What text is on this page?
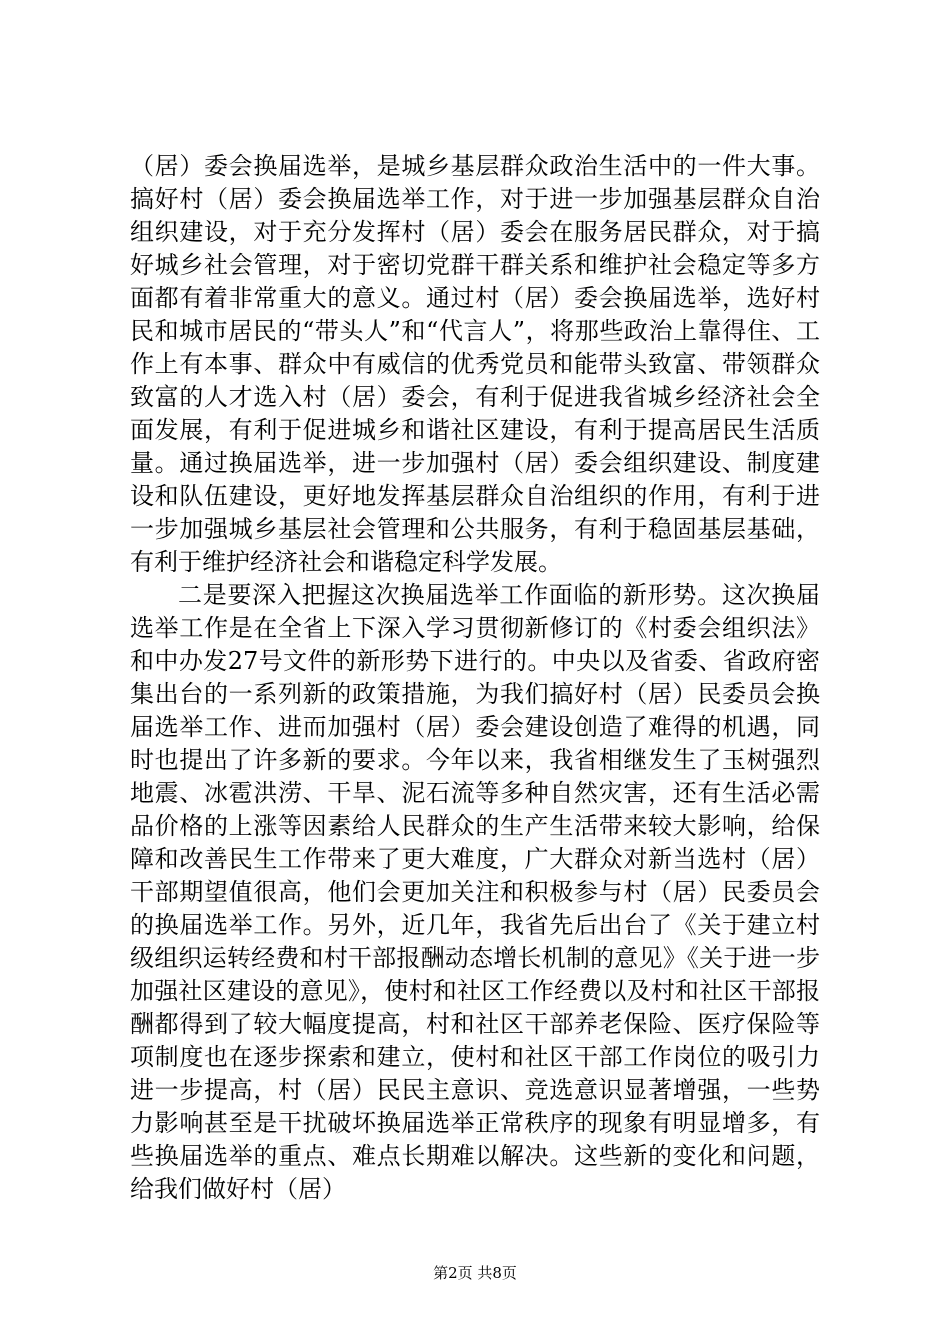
（居）委会换届选举，是城乡基层群众政治生活中的一件大事。搞好村（居）委会换届选举工作，对于进一步加强基层群众自治组织建设，对于充分发挥村（居）委会在服务居民群众，对于搞好城乡社会管理，对于密切党群干群关系和维护社会稳定等多方面都有着非常重大的意义。通过村（居）委会换届选举，选好村民和城市居民的“带头人”和“代言人”，将那些政治上靠得住、工作上有本事、群众中有威信的优秀党员和能带头致富、带领群众致富的人才选入村（居）委会，有利于促进我省城乡经济社会全面发展，有利于促进城乡和谐社区建设，有利于提高居民生活质量。通过换届选举，进一步加强村（居）委会组织建设、制度建设和队伍建设，更好地发挥基层群众自治组织的作用，有利于进一步加强城乡基层社会管理和公共服务，有利于稳固基层基础，有利于维护经济社会和谐稳定科学发展。

二是要深入把握这次换届选举工作面临的新形势。这次换届选举工作是在全省上下深入学习贯彻新修订的《村委会组织法》和中办发27号文件的新形势下进行的。中央以及省委、省政府密集出台的一系列新的政策措施，为我们搞好村（居）民委员会换届选举工作、进而加强村（居）委会建设创造了难得的机遇，同时也提出了许多新的要求。今年以来，我省相继发生了玉树强烈地震、冰雹洪涝、干旱、泥石流等多种自然灾害，还有生活必需品价格的上涨等因素给人民群众的生产生活带来较大影响，给保障和改善民生工作带来了更大难度，广大群众对新当选村（居）干部期望值很高，他们会更加关注和积极参与村（居）民委员会的换届选举工作。另外，近几年，我省先后出台了《关于建立村级组织运转经费和村干部报酬动态增长机制的意见》《关于进一步加强社区建设的意见》，使村和社区工作经费以及村和社区干部报酬都得到了较大幅度提高，村和社区干部养老保险、医疗保险等项制度也在逐步探索和建立，使村和社区干部工作岗位的吸引力进一步提高，村（居）民民主意识、竞选意识显著增强，一些势力影响甚至是干扰破坏换届选举正常秩序的现象有明显增多，有些换届选举的重点、难点长期难以解决。这些新的变化和问题，给我们做好村（居）

第2页 共8页
